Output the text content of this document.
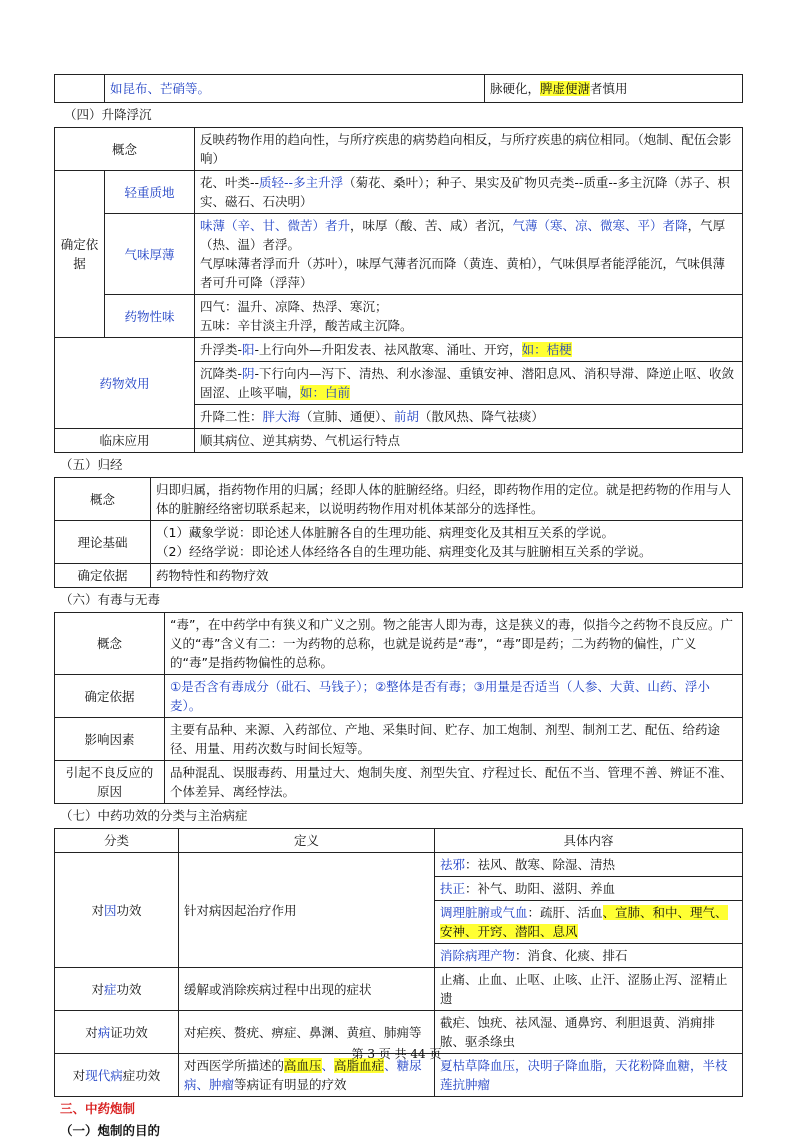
	如昆布、芒硝等。	脉硬化，脾虚便溏者慎用
（四）升降浮沉
概念		反映药物作用的趋向性，与所疗疾患的病势趋向相反，与所疗疾患的病位相同。（炮制、配伍会影响）
确定依据	轻重质地	花、叶类--质轻--多主升浮（菊花、桑叶）；种子、果实及矿物贝壳类--质重--多主沉降（苏子、枳实、磁石、石决明）
	气味厚薄	味薄（辛、甘、微苦）者升，味厚（酸、苦、咸）者沉，气薄（寒、凉、微寒、平）者降，气厚（热、温）者浮。
气厚味薄者浮而升（苏叶），味厚气薄者沉而降（黄连、黄柏），气味俱厚者能浮能沉，气味俱薄者可升可降（浮萍）
	药物性味	四气：温升、凉降、热浮、寒沉；
五味：辛甘淡主升浮，酸苦咸主沉降。
药物效用		升浮类-阳-上行向外—升阳发表、祛风散寒、涌吐、开窍，如：桔梗
		沉降类-阴-下行向内—泻下、清热、利水渗湿、重镇安神、潜阳息风、消积导滞、降逆止呕、收敛固涩、止咳平喘，如：白前
		升降二性：胖大海（宣肺、通便）、前胡（散风热、降气祛痰）
临床应用		顺其病位、逆其病势、气机运行特点
（五）归经
概念	归即归属，指药物作用的归属；经即人体的脏腑经络。归经，即药物作用的定位。就是把药物的作用与人体的脏腑经络密切联系起来，以说明药物作用对机体某部分的选择性。
理论基础	（1）藏象学说：即论述人体脏腑各自的生理功能、病理变化及其相互关系的学说。
（2）经络学说：即论述人体经络各自的生理功能、病理变化及其与脏腑相互关系的学说。
确定依据	药物特性和药物疗效
（六）有毒与无毒
概念	“毒”，在中药学中有狭义和广义之别。物之能害人即为毒，这是狭义的毒，似指今之药物不良反应。广义的“毒”含义有二：一为药物的总称，也就是说药是“毒”，“毒”即是药；二为药物的偏性，广义的“毒”是指药物偏性的总称。
确定依据	①是否含有毒成分（砒石、马钱子）；②整体是否有毒；③用量是否适当（人参、大黄、山药、浮小麦）。
影响因素	主要有品种、来源、入药部位、产地、采集时间、贮存、加工炮制、剂型、制剂工艺、配伍、给药途径、用量、用药次数与时间长短等。
引起不良反应的原因	品种混乱、误服毒药、用量过大、炮制失度、剂型失宜、疗程过长、配伍不当、管理不善、辨证不准、个体差异、离经悖法。
（七）中药功效的分类与主治病症
分类	定义	具体内容
对因功效	针对病因起治疗作用	祛邪：祛风、散寒、除湿、清热
		扶正：补气、助阳、滋阴、养血
		调理脏腑或气血：疏肝、活血、宣肺、和中、理气、安神、开窍、潜阳、息风
		消除病理产物：消食、化痰、排石
对症功效	缓解或消除疾病过程中出现的症状	止痛、止血、止呕、止咳、止汗、涩肠止泻、涩精止遗
对病证功效	对疟疾、赘疣、痹症、鼻渊、黄疸、肺痈等	截疟、蚀疣、祛风湿、通鼻窍、利胆退黄、消痈排脓、驱杀绦虫
对现代病症功效	对西医学所描述的高血压、高脂血症、糖尿病、肿瘤等病证有明显的疗效	夏枯草降血压，决明子降血脂，天花粉降血糖，半枝莲抗肿瘤
三、中药炮制
（一）炮制的目的
第 3 页 共 44 页
